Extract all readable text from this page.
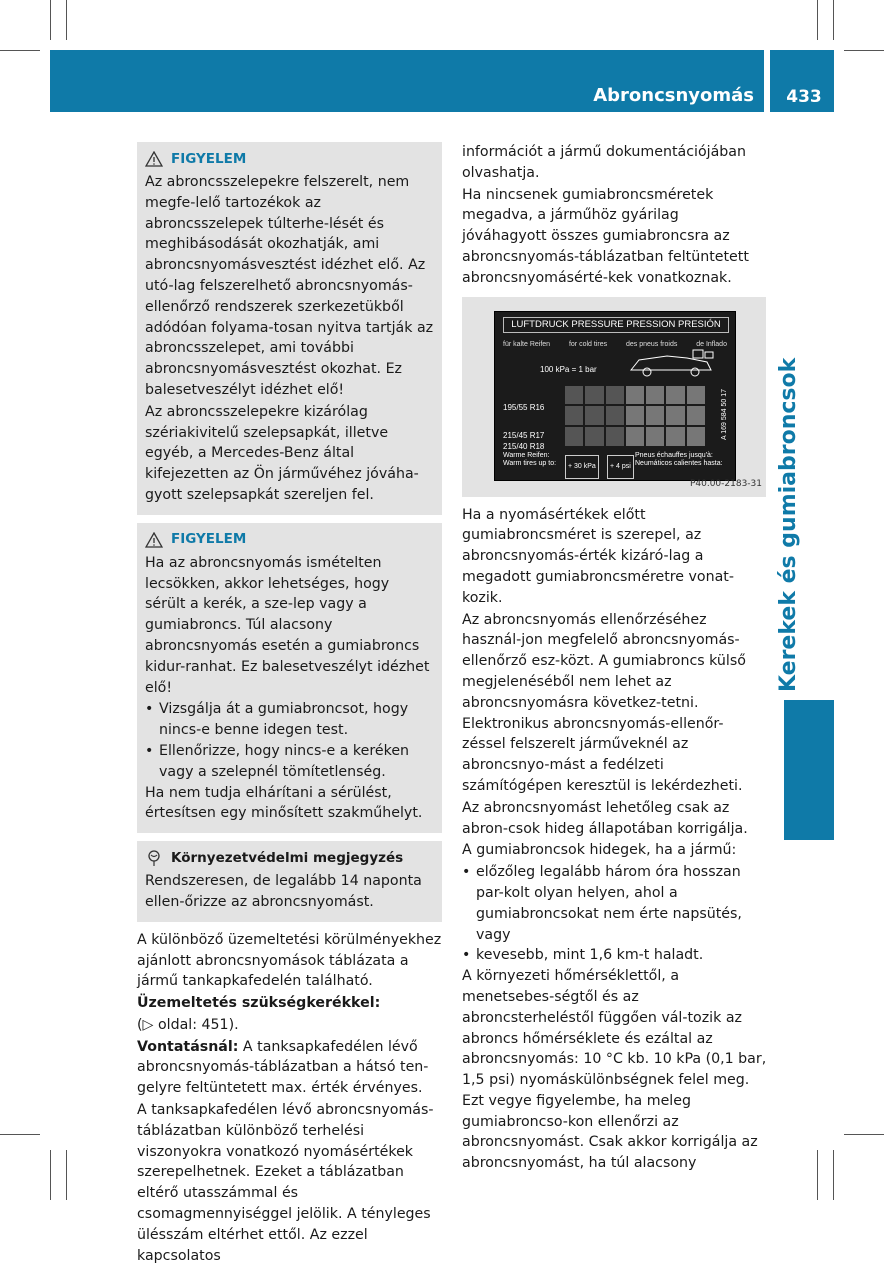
Abroncsnyomás	433
Kerekek és gumiabroncsok
FIGYELEM

Az abroncsszelepekre felszerelt, nem megfe-lelő tartozékok az abroncsszelepek túlterhe-lését és meghibásodását okozhatják, ami abroncsnyomásvesztést idézhet elő. Az utó-lag felszerelhető abroncsnyomás-ellenőrző rendszerek szerkezetükből adódóan folyama-tosan nyitva tartják az abroncsszelepet, ami további abroncsnyomásvesztést okozhat. Ez balesetveszélyt idézhet elő!

Az abroncsszelepekre kizárólag szériakivitelű szelepsapkát, illetve egyéb, a Mercedes-Benz által kifejezetten az Ön járművéhez jóváha-gyott szelepsapkát szereljen fel.

FIGYELEM

Ha az abroncsnyomás ismételten lecsökken, akkor lehetséges, hogy sérült a kerék, a sze-lep vagy a gumiabroncs. Túl alacsony abroncsnyomás esetén a gumiabroncs kidur-ranhat. Ez balesetveszélyt idézhet elő!

• Vizsgálja át a gumiabroncsot, hogy nincs-e benne idegen test.
• Ellenőrizze, hogy nincs-e a keréken vagy a szelepnél tömítetlenség.

Ha nem tudja elhárítani a sérülést, értesítsen egy minősített szakműhelyt.

Környezetvédelmi megjegyzés

Rendszeresen, de legalább 14 naponta ellen-őrizze az abroncsnyomást.

A különböző üzemeltetési körülményekhez ajánlott abroncsnyomások táblázata a jármű tankapkafedelén található.

Üzemeltetés szükségkerékkel:

(▷ oldal: 451).

Vontatásnál: A tanksapkafedélen lévő abroncsnyomás-táblázatban a hátsó ten-gelyre feltüntetett max. érték érvényes.

A tanksapkafedélen lévő abroncsnyomás-táblázatban különböző terhelési viszonyokra vonatkozó nyomásértékek szerepelhetnek. Ezeket a táblázatban eltérő utasszámmal és csomagmennyiséggel jelölik. A tényleges ülésszám eltérhet ettől. Az ezzel kapcsolatos

információt a jármű dokumentációjában olvashatja.

Ha nincsenek gumiabroncsméretek megadva, a járműhöz gyárilag jóváhagyott összes gumiabroncsra az abroncsnyomás-táblázatban feltüntetett abroncsnyomásérté-kek vonatkoznak.

LUFTDRUCK PRESSURE PRESSION PRESIÓN
für kalte Reifen	for cold tires	des pneus froids	de Inflado
100 kPa = 1 bar
195/55 R16
215/45 R17
215/40 R18
A 169 584 50 17
Warme Reifen:
Warm tires up to:	+ 30 kPa	+ 4 psi
Pneus échauffes jusqu'à:
Neumáticos calientes hasta:
P40.00-2183-31

Ha a nyomásértékek előtt gumiabroncsméret is szerepel, az abroncsnyomás-érték kizáró-lag a megadott gumiabroncsméretre vonat-kozik.

Az abroncsnyomás ellenőrzéséhez használ-jon megfelelő abroncsnyomás-ellenőrző esz-közt. A gumiabroncs külső megjelenéséből nem lehet az abroncsnyomásra következ-tetni. Elektronikus abroncsnyomás-ellenőr-zéssel felszerelt járműveknél az abroncsnyo-mást a fedélzeti számítógépen keresztül is lekérdezheti.

Az abroncsnyomást lehetőleg csak az abron-csok hideg állapotában korrigálja.

A gumiabroncsok hidegek, ha a jármű:

• előzőleg legalább három óra hosszan par-kolt olyan helyen, ahol a gumiabroncsokat nem érte napsütés, vagy
• kevesebb, mint 1,6 km-t haladt.

A környezeti hőmérséklettől, a menetsebes-ségtől és az abroncsterheléstől függően vál-tozik az abroncs hőmérséklete és ezáltal az abroncsnyomás: 10 °C kb. 10 kPa (0,1 bar, 1,5 psi) nyomáskülönbségnek felel meg. Ezt vegye figyelembe, ha meleg gumiabroncso-kon ellenőrzi az abroncsnyomást. Csak akkor korrigálja az abroncsnyomást, ha túl alacsony
